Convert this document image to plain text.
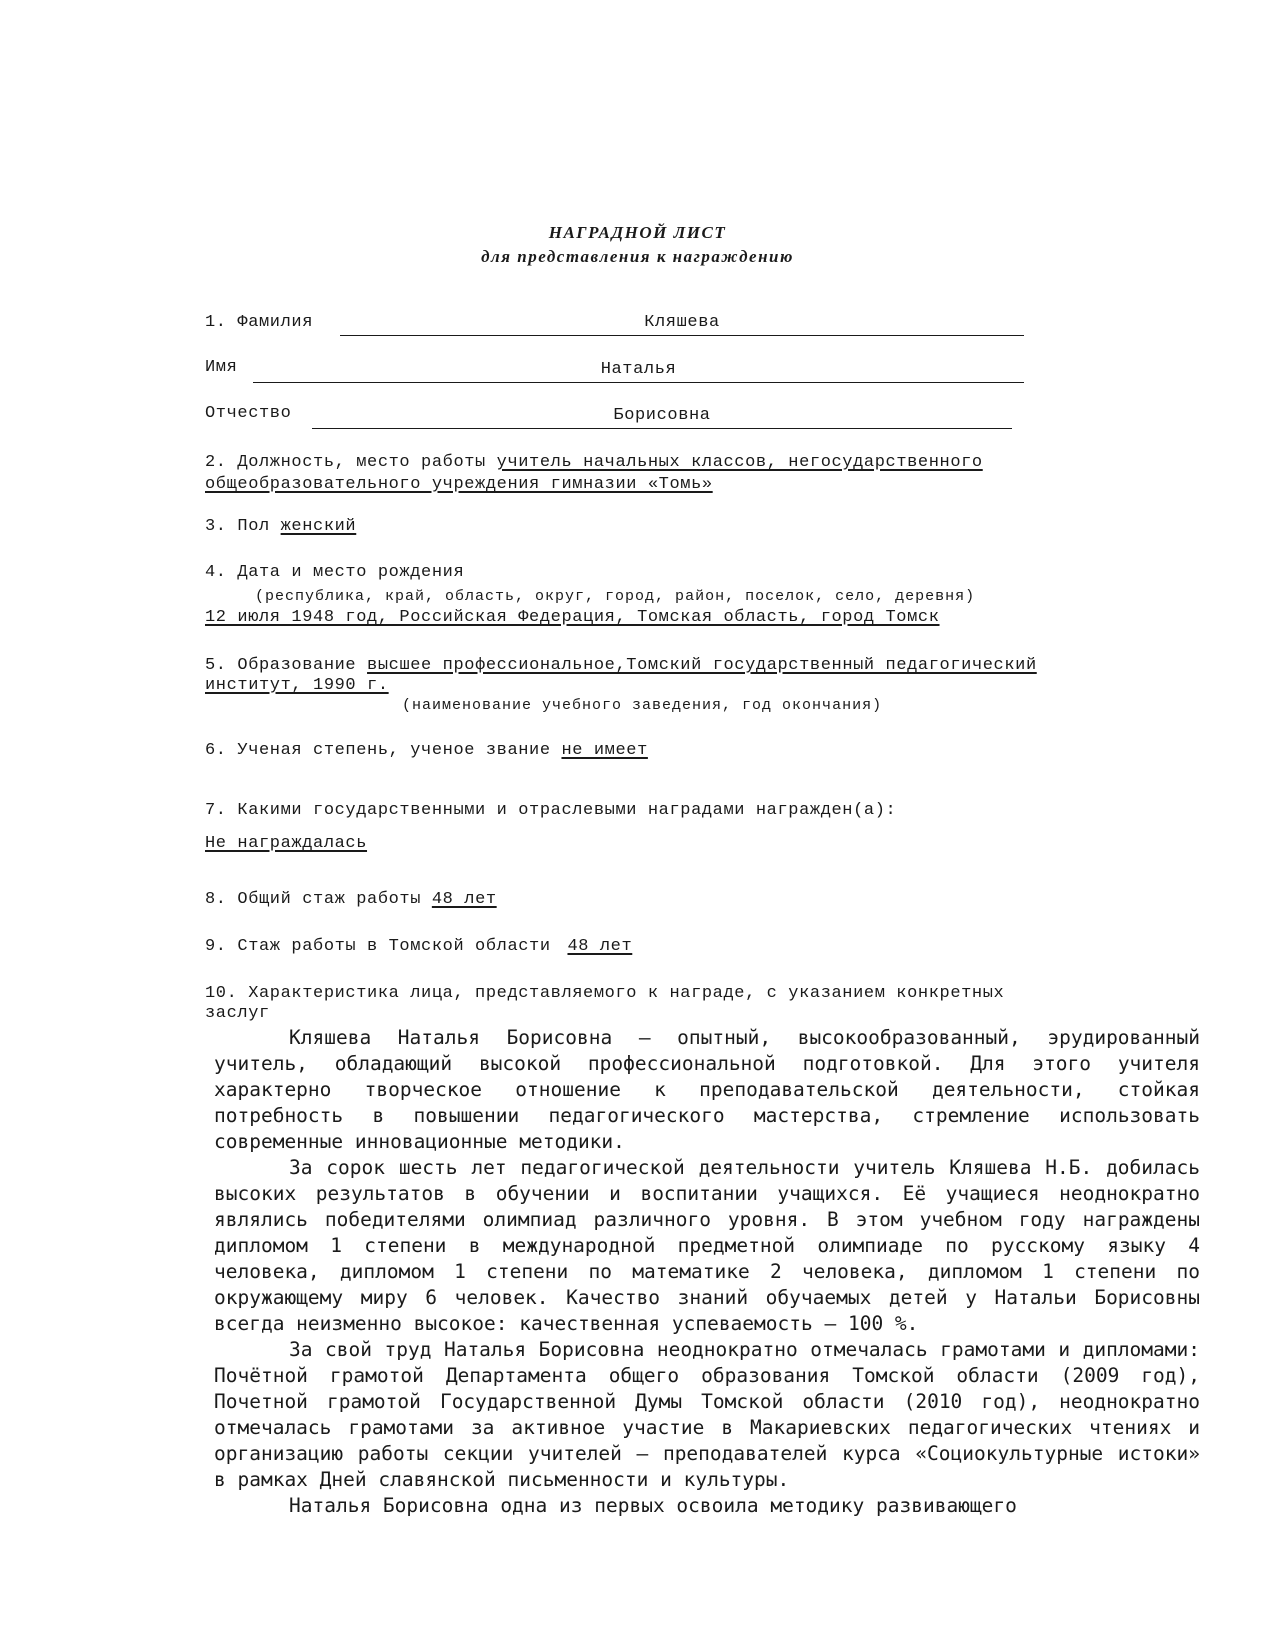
НАГРАДНОЙ ЛИСТ
для представления к награждению
1. Фамилия	Кляшева
Имя	Наталья
Отчество	Борисовна
2. Должность, место работы учитель начальных классов, негосударственного
общеобразовательного учреждения гимназии «Томь»
3. Пол женский
4. Дата и место рождения
(республика, край, область, округ, город, район, поселок, село, деревня)
12 июля 1948 год, Российская Федерация, Томская область, город Томск
5. Образование высшее профессиональное,Томский государственный педагогический
институт, 1990 г.
(наименование учебного заведения, год окончания)
6. Ученая степень, ученое звание не имеет
7. Какими государственными и отраслевыми наградами награжден(а):
Не награждалась
8. Общий стаж работы 48 лет
9. Стаж работы в Томской области 48 лет
10. Характеристика лица, представляемого к награде, с указанием конкретных
заслуг

Кляшева Наталья Борисовна – опытный, высокообразованный, эрудированный учитель, обладающий высокой профессиональной подготовкой. Для этого учителя характерно творческое отношение к преподавательской деятельности, стойкая потребность в повышении педагогического мастерства, стремление использовать современные инновационные методики.

За сорок шесть лет педагогической деятельности учитель Кляшева Н.Б. добилась высоких результатов в обучении и воспитании учащихся. Её учащиеся неоднократно являлись победителями олимпиад различного уровня. В этом учебном году награждены дипломом 1 степени в международной предметной олимпиаде по русскому языку 4 человека, дипломом 1 степени по математике 2 человека, дипломом 1 степени по окружающему миру 6 человек. Качество знаний обучаемых детей у Натальи Борисовны всегда неизменно высокое: качественная успеваемость – 100 %.

За свой труд Наталья Борисовна неоднократно отмечалась грамотами и дипломами: Почётной грамотой Департамента общего образования Томской области (2009 год), Почетной грамотой Государственной Думы Томской области (2010 год), неоднократно отмечалась грамотами за активное участие в Макариевских педагогических чтениях и организацию работы секции учителей – преподавателей курса «Социокультурные истоки» в рамках Дней славянской письменности и культуры.

Наталья Борисовна одна из первых освоила методику развивающего
